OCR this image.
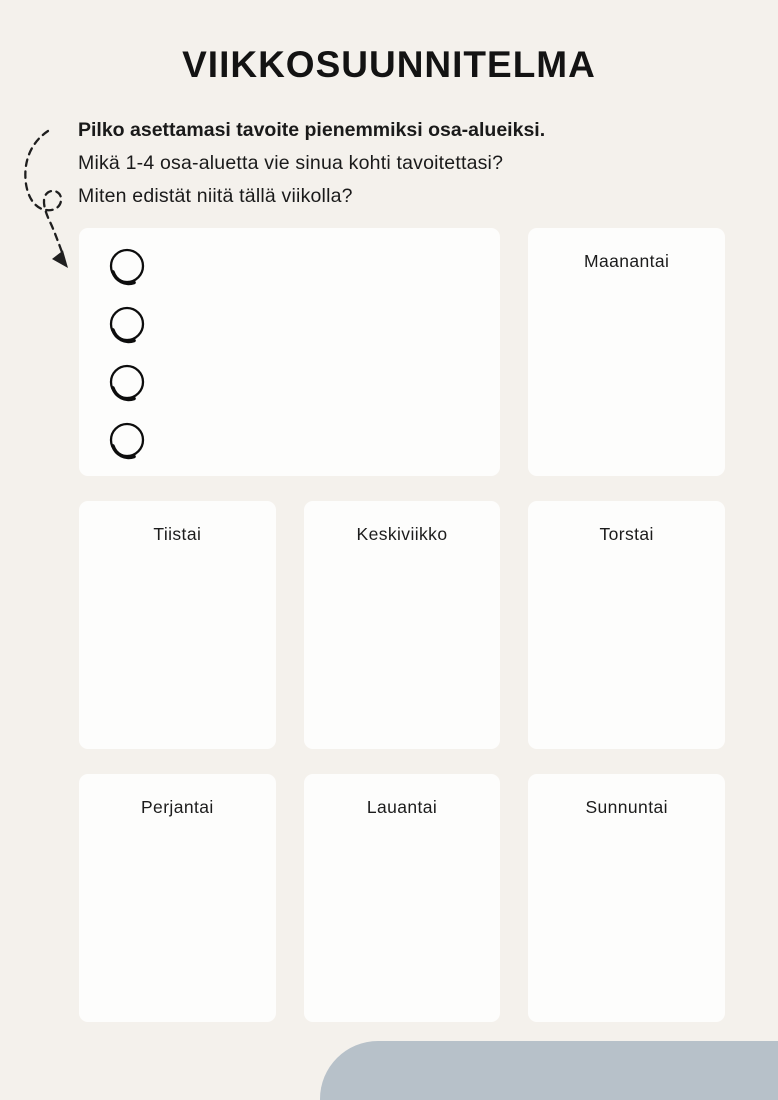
VIIKKOSUUNNITELMA
Pilko asettamasi tavoite pienemmiksi osa-alueiksi.
Mikä 1-4 osa-aluetta vie sinua kohti tavoitettasi?
Miten edistät niitä tällä viikolla?
Maanantai
Tiistai	Keskiviikko	Torstai
Perjantai	Lauantai	Sunnuntai
